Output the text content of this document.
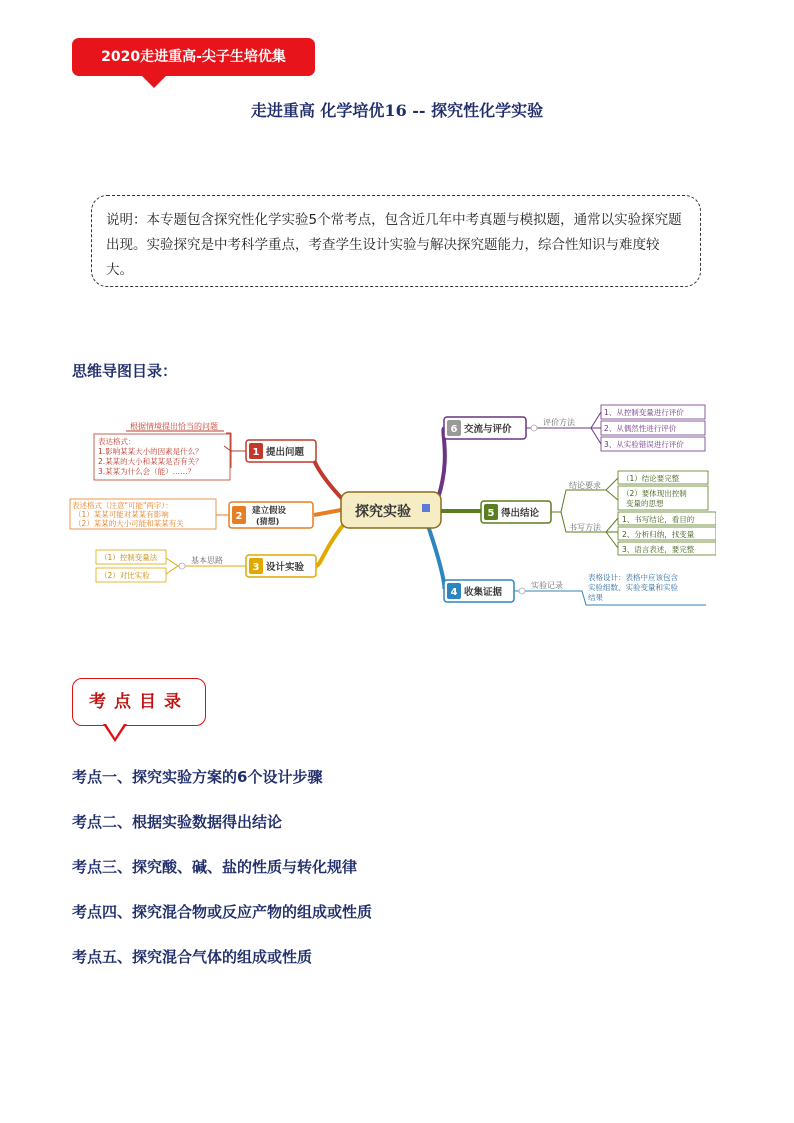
2020走进重高-尖子生培优集
走进重高 化学培优16 -- 探究性化学实验
说明：本专题包含探究性化学实验5个常考点，包含近几年中考真题与模拟题，通常以实验探究题出现。实验探究是中考科学重点，考查学生设计实验与解决探究题能力，综合性知识与难度较大。
思维导图目录：
探究实验
1 提出问题
根据情境提出恰当的问题
表达格式：
1.影响某某大小的因素是什么？
2.某某的大小和某某是否有关？
3.某某为什么会（能）……？
2 建立假设
(猜想)
表述格式（注意"可能"两字）：
（1）某某可能对某某有影响
（2）某某的大小可能和某某有关
3 设计实验
基本思路
（1）控制变量法
（2）对比实验
6 交流与评价
评价方法
1、从控制变量进行评价
2、从偶然性进行评价
3、从实验错误进行评价
5 得出结论
结论要求
书写方法
（1）结论要完整
（2）要体现出控制
变量的思想
1、书写结论，看目的
2、分析归纳，找变量
3、语言表述，要完整
4 收集证据
实验记录
表格设计：表格中应该包含
实验组数、实验变量和实验
结果
考点目录
考点一、探究实验方案的6个设计步骤
考点二、根据实验数据得出结论
考点三、探究酸、碱、盐的性质与转化规律
考点四、探究混合物或反应产物的组成或性质
考点五、探究混合气体的组成或性质
